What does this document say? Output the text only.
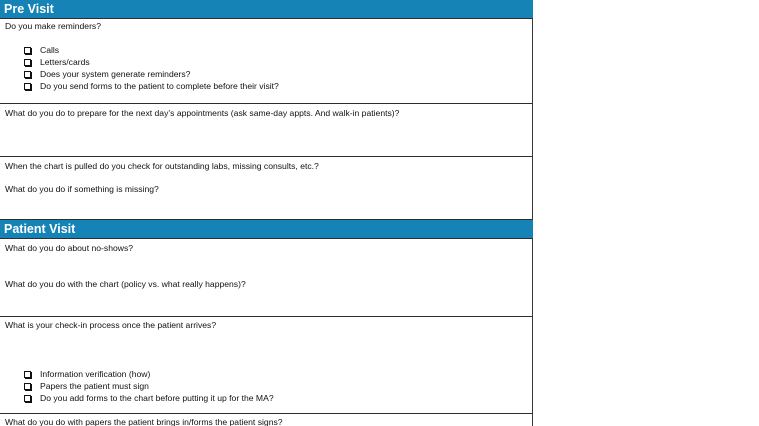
Pre Visit
Do you make reminders?
Calls
Letters/cards
Does your system generate reminders?
Do you send forms to the patient to complete before their visit?
What do you do to prepare for the next day’s appointments (ask same-day appts. And walk-in patients)?
When the chart is pulled do you check for outstanding labs, missing consults, etc.?
What do you do if something is missing?
Patient Visit
What do you do about no-shows?
What do you do with the chart (policy vs. what really happens)?
What is your check-in process once the patient arrives?
Information verification (how)
Papers the patient must sign
Do you add forms to the chart before putting it up for the MA?
What do you do with papers the patient brings in/forms the patient signs?
